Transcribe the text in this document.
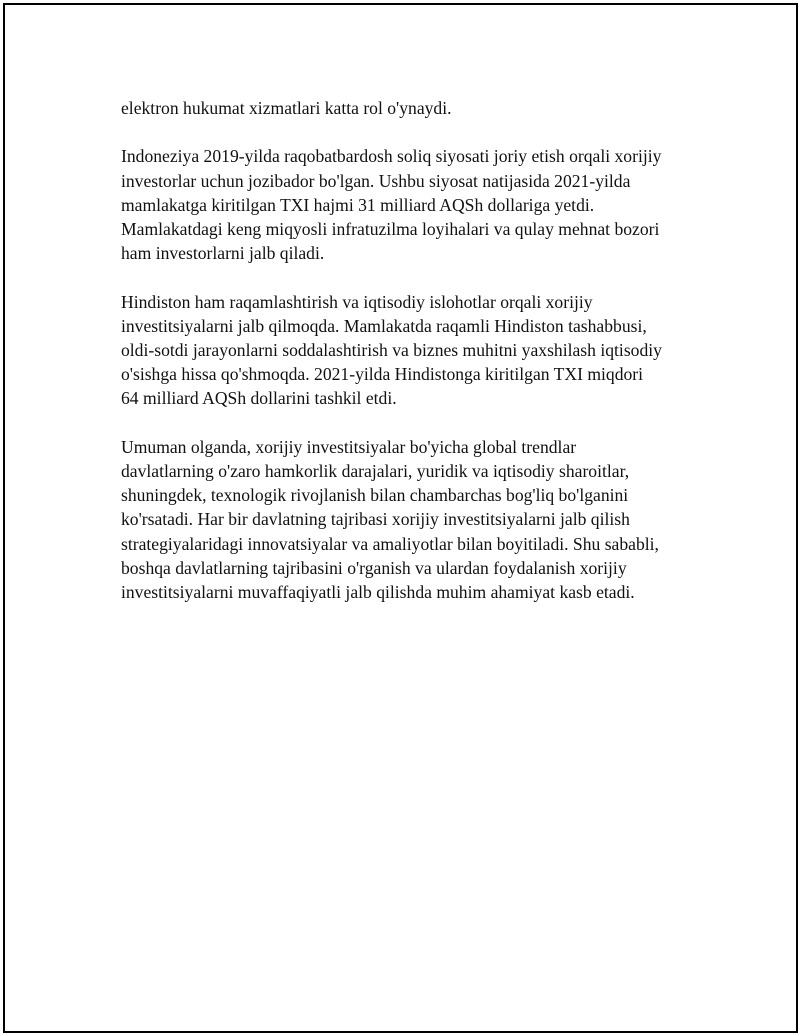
elektron hukumat xizmatlari katta rol o'ynaydi.

Indoneziya 2019-yilda raqobatbardosh soliq siyosati joriy etish orqali xorijiy
investorlar uchun jozibador bo'lgan. Ushbu siyosat natijasida 2021-yilda
mamlakatga kiritilgan TXI hajmi 31 milliard AQSh dollariga yetdi.
Mamlakatdagi keng miqyosli infratuzilma loyihalari va qulay mehnat bozori
ham investorlarni jalb qiladi.

Hindiston ham raqamlashtirish va iqtisodiy islohotlar orqali xorijiy
investitsiyalarni jalb qilmoqda. Mamlakatda raqamli Hindiston tashabbusi,
oldi-sotdi jarayonlarni soddalashtirish va biznes muhitni yaxshilash iqtisodiy
o'sishga hissa qo'shmoqda. 2021-yilda Hindistonga kiritilgan TXI miqdori
64 milliard AQSh dollarini tashkil etdi.

Umuman olganda, xorijiy investitsiyalar bo'yicha global trendlar
davlatlarning o'zaro hamkorlik darajalari, yuridik va iqtisodiy sharoitlar,
shuningdek, texnologik rivojlanish bilan chambarchas bog'liq bo'lganini
ko'rsatadi. Har bir davlatning tajribasi xorijiy investitsiyalarni jalb qilish
strategiyalaridagi innovatsiyalar va amaliyotlar bilan boyitiladi. Shu sababli,
boshqa davlatlarning tajribasini o'rganish va ulardan foydalanish xorijiy
investitsiyalarni muvaffaqiyatli jalb qilishda muhim ahamiyat kasb etadi.
